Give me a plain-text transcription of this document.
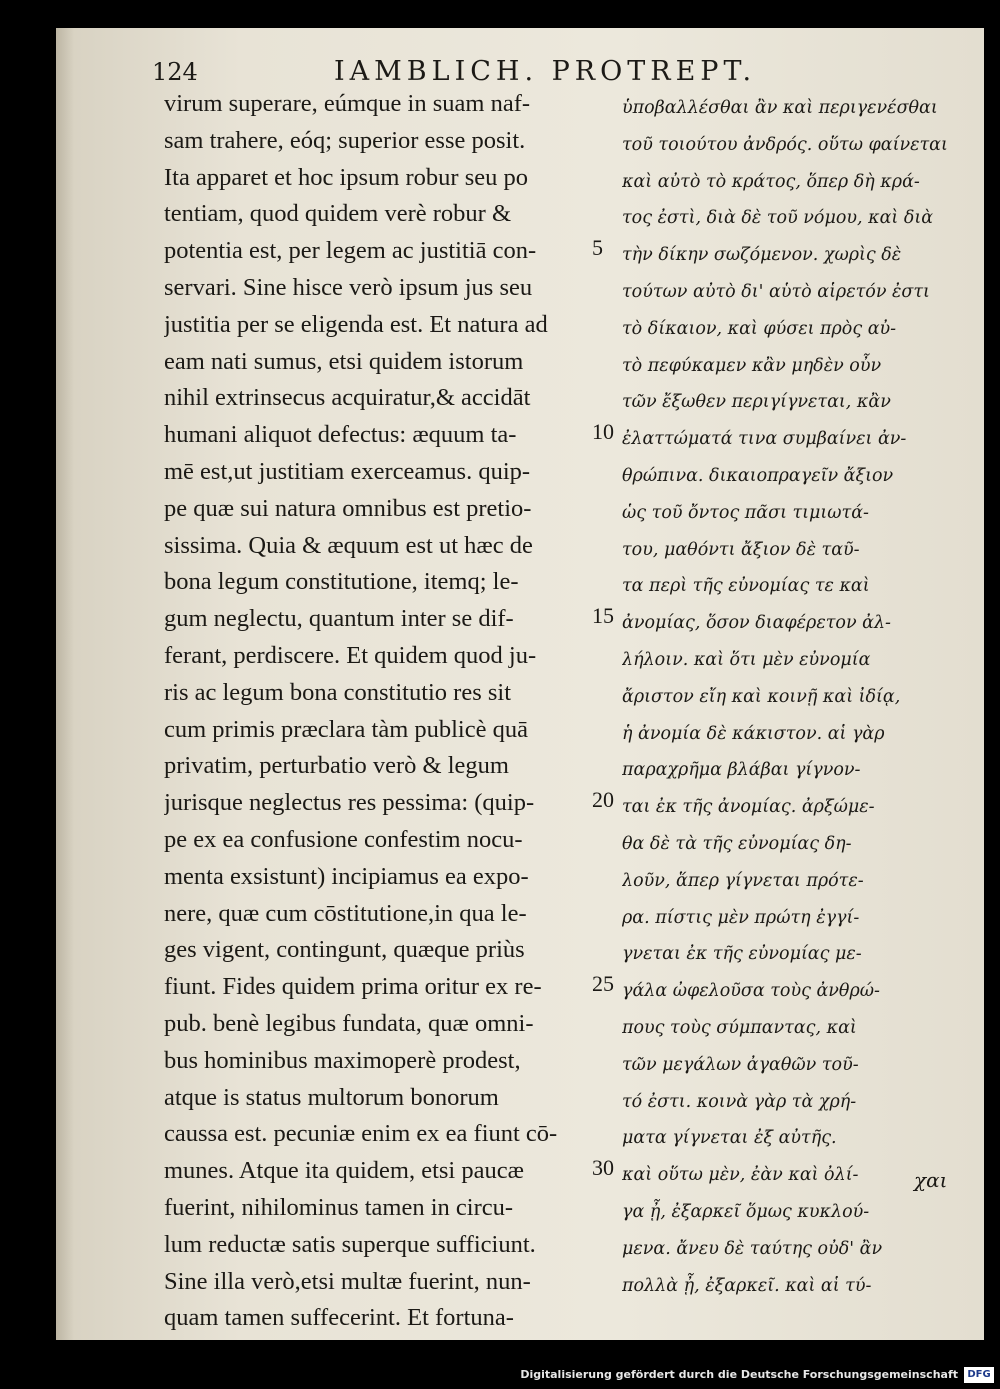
124	IAMBLICH. PROTREPT.
virum superare, eúmque in suam naf-
sam trahere, eóq; superior esse posit.
Ita apparet et hoc ipsum robur seu po
tentiam, quod quidem verè robur &
potentia est, per legem ac justitiā con-
servari. Sine hisce verò ipsum jus seu
justitia per se eligenda est. Et natura ad
eam nati sumus, etsi quidem istorum
nihil extrinsecus acquiratur,& accidāt
humani aliquot defectus: æquum ta-
mē est,ut justitiam exerceamus. quip-
pe quæ sui natura omnibus est pretio-
sissima. Quia & æquum est ut hæc de
bona legum constitutione, itemq; le-
gum neglectu, quantum inter se dif-
ferant, perdiscere. Et quidem quod ju-
ris ac legum bona constitutio res sit
cum primis præclara tàm publicè quā
privatim, perturbatio verò & legum
jurisque neglectus res pessima: (quip-
pe ex ea confusione confestim nocu-
menta exsistunt) incipiamus ea expo-
nere, quæ cum cōstitutione,in qua le-
ges vigent, contingunt, quæque priùs
fiunt. Fides quidem prima oritur ex re-
pub. benè legibus fundata, quæ omni-
bus hominibus maximoperè prodest,
atque is status multorum bonorum
caussa est. pecuniæ enim ex ea fiunt cō-
munes. Atque ita quidem, etsi paucæ
fuerint, nihilominus tamen in circu-
lum reductæ satis superque sufficiunt.
Sine illa verò,etsi multæ fuerint, nun-
quam tamen suffecerint. Et fortuna-
5
10
15
20
25
30
ὑποβαλλέσθαι ἂν καὶ περιγενέσθαι
τοῦ τοιούτου ἀνδρός. οὕτω φαίνεται
καὶ αὐτὸ τὸ κράτος, ὅπερ δὴ κρά-
τος ἐστὶ, διὰ δὲ τοῦ νόμου, καὶ διὰ
τὴν δίκην σωζόμενον. χωρὶς δὲ
τούτων αὐτὸ δι' αὑτὸ αἱρετόν ἐστι
τὸ δίκαιον, καὶ φύσει πρὸς αὐ-
τὸ πεφύκαμεν κἂν μηδὲν οὖν
τῶν ἔξωθεν περιγίγνεται, κἂν
ἐλαττώματά τινα συμβαίνει ἀν-
θρώπινα. δικαιοπραγεῖν ἄξιον
ὡς τοῦ ὄντος πᾶσι τιμιωτά-
του, μαθόντι ἄξιον δὲ ταῦ-
τα περὶ τῆς εὐνομίας τε καὶ
ἀνομίας, ὅσον διαφέρετον ἀλ-
λήλοιν. καὶ ὅτι μὲν εὐνομία
ἄριστον εἴη καὶ κοινῇ καὶ ἰδίᾳ,
ἡ ἀνομία δὲ κάκιστον. αἱ γὰρ
παραχρῆμα βλάβαι γίγνον-
ται ἐκ τῆς ἀνομίας. ἀρξώμε-
θα δὲ τὰ τῆς εὐνομίας δη-
λοῦν, ἅπερ γίγνεται πρότε-
ρα. πίστις μὲν πρώτη ἐγγί-
γνεται ἐκ τῆς εὐνομίας με-
γάλα ὠφελοῦσα τοὺς ἀνθρώ-
πους τοὺς σύμπαντας, καὶ
τῶν μεγάλων ἀγαθῶν τοῦ-
τό ἐστι. κοινὰ γὰρ τὰ χρή-
ματα γίγνεται ἐξ αὐτῆς.
καὶ οὕτω μὲν, ἐὰν καὶ ὀλί-
γα ᾖ, ἐξαρκεῖ ὅμως κυκλού-
μενα. ἄνευ δὲ ταύτης οὐδ' ἂν
πολλὰ ᾖ, ἐξαρκεῖ. καὶ αἱ τύ-
χαι
Digitalisierung gefördert durch die Deutsche Forschungsgemeinschaft DFG
